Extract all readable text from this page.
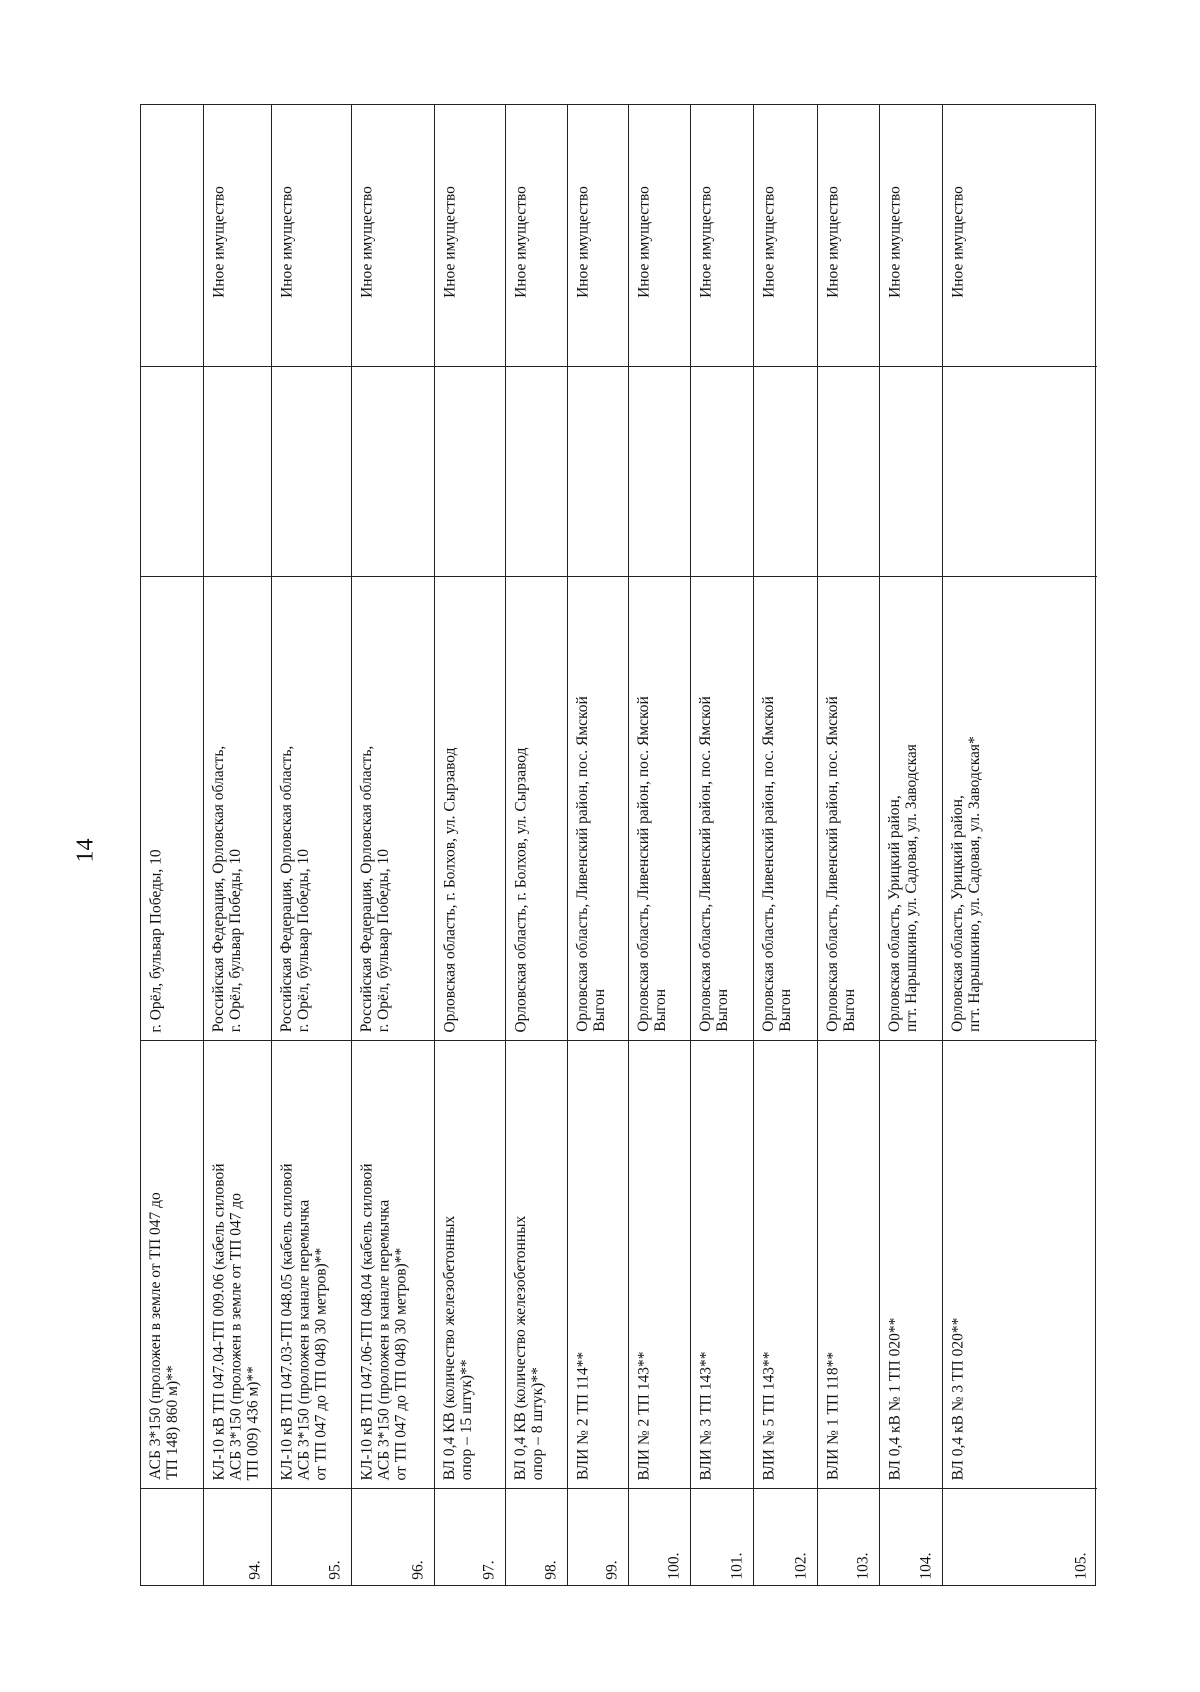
14	г. Орёл, бульвар Победы, 10
АСБ 3*150 (проложен в земле от ТП 047 до
ТП 148) 860 м)**
Иное имущество
Российская Федерация, Орловская область,
г. Орёл, бульвар Победы, 10
КЛ-10 кВ ТП 047.04-ТП 009.06 (кабель силовой
АСБ 3*150 (проложен в земле от ТП 047 до
ТП 009) 436 м)**
94.
Иное имущество
Российская Федерация, Орловская область,
г. Орёл, бульвар Победы, 10
КЛ-10 кВ ТП 047.03-ТП 048.05 (кабель силовой
АСБ 3*150 (проложен в канале перемычка
от ТП 047 до ТП 048) 30 метров)**
95.
Иное имущество
Российская Федерация, Орловская область,
г. Орёл, бульвар Победы, 10
КЛ-10 кВ ТП 047.06-ТП 048.04 (кабель силовой
АСБ 3*150 (проложен в канале перемычка
от ТП 047 до ТП 048) 30 метров)**
96.
Иное имущество
Орловская область, г. Болхов, ул. Сырзавод
ВЛ 0,4 КВ (количество железобетонных
опор – 15 штук)**
97.
Иное имущество
Орловская область, г. Болхов, ул. Сырзавод
ВЛ 0,4 КВ (количество железобетонных
опор – 8 штук)**
98.
Иное имущество
Орловская область, Ливенский район, пос. Ямской
Выгон
ВЛИ № 2 ТП 114**
99.
Иное имущество
Орловская область, Ливенский район, пос. Ямской
Выгон
ВЛИ № 2 ТП 143**
100.
Иное имущество
Орловская область, Ливенский район, пос. Ямской
Выгон
ВЛИ № 3 ТП 143**
101.
Иное имущество
Орловская область, Ливенский район, пос. Ямской
Выгон
ВЛИ № 5 ТП 143**
102.
Иное имущество
Орловская область, Ливенский район, пос. Ямской
Выгон
ВЛИ № 1 ТП 118**
103.
Иное имущество
Орловская область, Урицкий район,
пгт. Нарышкино, ул. Садовая, ул. Заводская
ВЛ 0,4 кВ № 1 ТП 020**
104.
Иное имущество
Орловская область, Урицкий район,
пгт. Нарышкино, ул. Садовая, ул. Заводская*
ВЛ 0,4 кВ № 3 ТП 020**
105.
